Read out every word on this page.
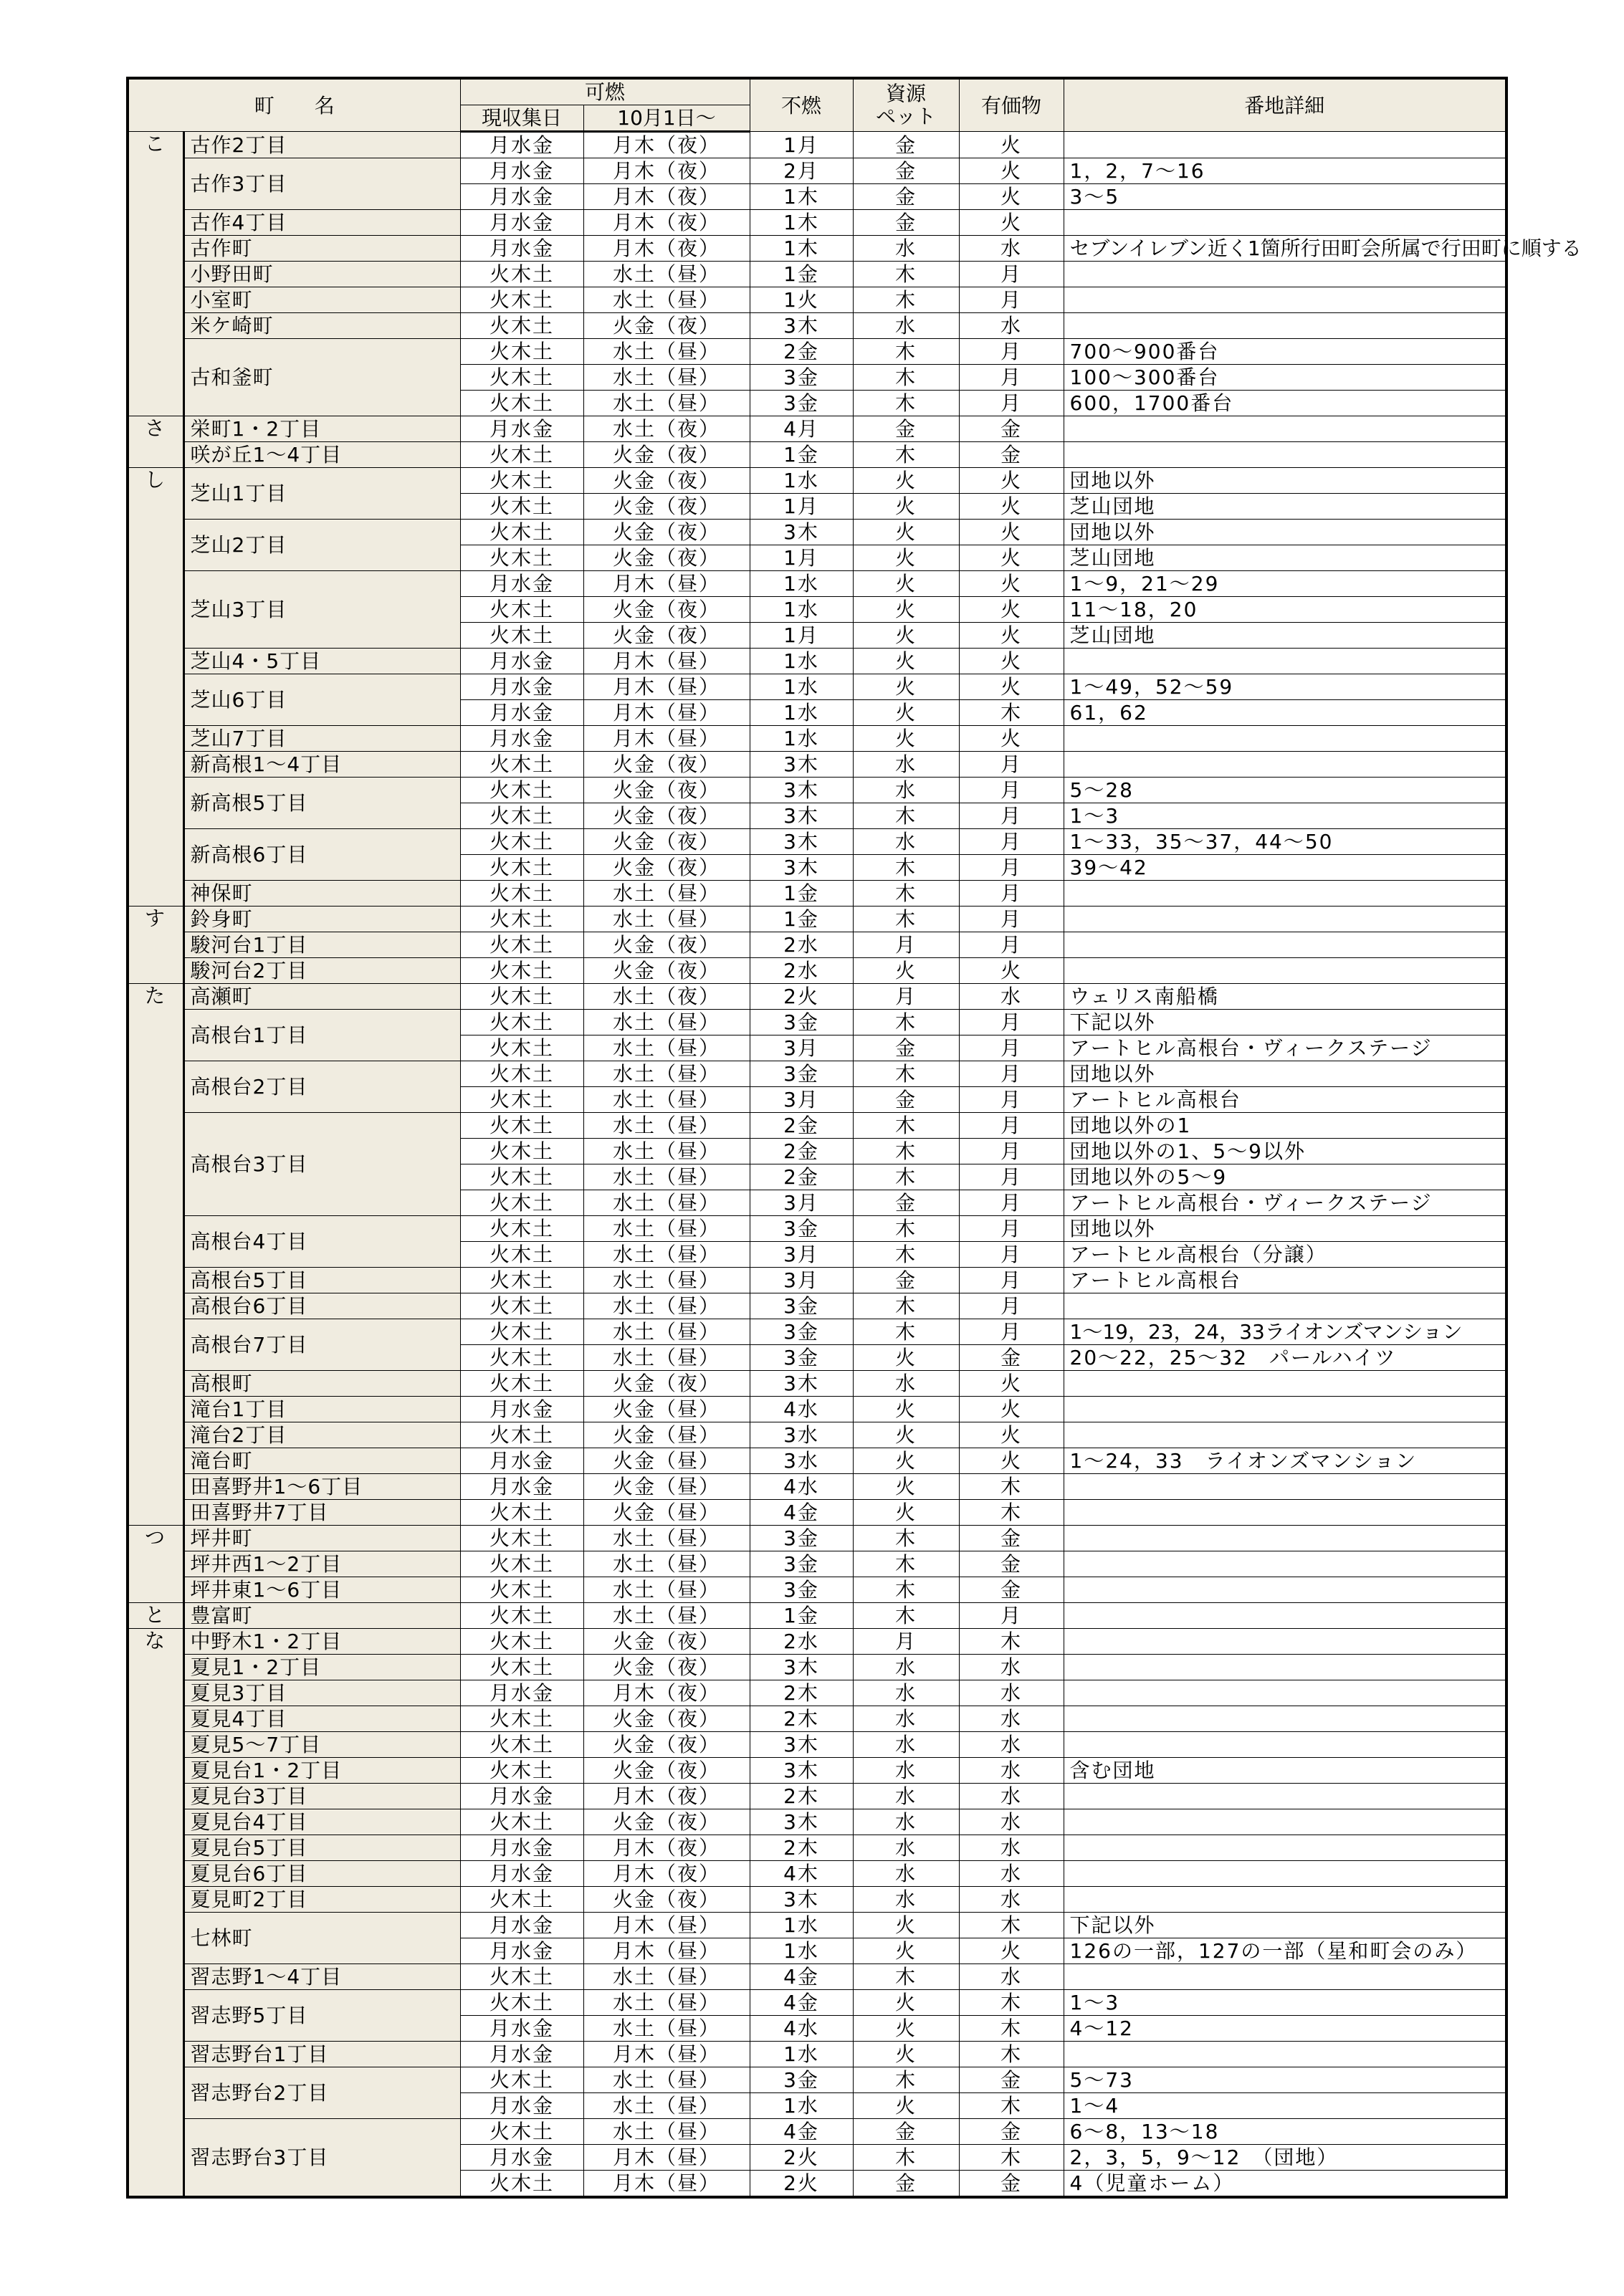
町　　名		可燃		不燃	資源
ペット	有価物	番地詳細
		現収集日	10月1日～				
こ	古作2丁目	月水金	月木（夜）	1月	金	火	
	古作3丁目	月水金	月木（夜）	2月	金	火	1，2，7～16
		月水金	月木（夜）	1木	金	火	3～5
	古作4丁目	月水金	月木（夜）	1木	金	火	
	古作町	月水金	月木（夜）	1木	水	水	セブンイレブン近く1箇所行田町会所属で行田町に順する
	小野田町	火木土	水土（昼）	1金	木	月	
	小室町	火木土	水土（昼）	1火	木	月	
	米ケ崎町	火木土	火金（夜）	3木	水	水	
	古和釜町	火木土	水土（昼）	2金	木	月	700～900番台
		火木土	水土（昼）	3金	木	月	100～300番台
		火木土	水土（昼）	3金	木	月	600，1700番台
さ	栄町1・2丁目	月水金	水土（夜）	4月	金	金	
	咲が丘1～4丁目	火木土	火金（夜）	1金	木	金	
し	芝山1丁目	火木土	火金（夜）	1水	火	火	団地以外
		火木土	火金（夜）	1月	火	火	芝山団地
	芝山2丁目	火木土	火金（夜）	3木	火	火	団地以外
		火木土	火金（夜）	1月	火	火	芝山団地
	芝山3丁目	月水金	月木（昼）	1水	火	火	1～9，21～29
		火木土	火金（夜）	1水	火	火	11～18，20
		火木土	火金（夜）	1月	火	火	芝山団地
	芝山4・5丁目	月水金	月木（昼）	1水	火	火	
	芝山6丁目	月水金	月木（昼）	1水	火	火	1～49，52～59
		月水金	月木（昼）	1水	火	木	61，62
	芝山7丁目	月水金	月木（昼）	1水	火	火	
	新高根1～4丁目	火木土	火金（夜）	3木	水	月	
	新高根5丁目	火木土	火金（夜）	3木	水	月	5～28
		火木土	火金（夜）	3木	木	月	1～3
	新高根6丁目	火木土	火金（夜）	3木	水	月	1～33，35～37，44～50
		火木土	火金（夜）	3木	木	月	39～42
	神保町	火木土	水土（昼）	1金	木	月	
す	鈴身町	火木土	水土（昼）	1金	木	月	
	駿河台1丁目	火木土	火金（夜）	2水	月	月	
	駿河台2丁目	火木土	火金（夜）	2水	火	火	
た	高瀬町	火木土	水土（夜）	2火	月	水	ウェリス南船橋
	高根台1丁目	火木土	水土（昼）	3金	木	月	下記以外
		火木土	水土（昼）	3月	金	月	アートヒル高根台・ヴィークステージ
	高根台2丁目	火木土	水土（昼）	3金	木	月	団地以外
		火木土	水土（昼）	3月	金	月	アートヒル高根台
	高根台3丁目	火木土	水土（昼）	2金	木	月	団地以外の1
		火木土	水土（昼）	2金	木	月	団地以外の1、5～9以外
		火木土	水土（昼）	2金	木	月	団地以外の5～9
		火木土	水土（昼）	3月	金	月	アートヒル高根台・ヴィークステージ
	高根台4丁目	火木土	水土（昼）	3金	木	月	団地以外
		火木土	水土（昼）	3月	木	月	アートヒル高根台（分譲）
	高根台5丁目	火木土	水土（昼）	3月	金	月	アートヒル高根台
	高根台6丁目	火木土	水土（昼）	3金	木	月	
	高根台7丁目	火木土	水土（昼）	3金	木	月	1～19，23，24，33ライオンズマンション
		火木土	水土（昼）	3金	火	金	20～22，25～32　パールハイツ
	高根町	火木土	火金（夜）	3木	水	火	
	滝台1丁目	月水金	火金（昼）	4水	火	火	
	滝台2丁目	火木土	火金（昼）	3水	火	火	
	滝台町	月水金	火金（昼）	3水	火	火	1～24，33　ライオンズマンション
	田喜野井1～6丁目	月水金	火金（昼）	4水	火	木	
	田喜野井7丁目	火木土	火金（昼）	4金	火	木	
つ	坪井町	火木土	水土（昼）	3金	木	金	
	坪井西1～2丁目	火木土	水土（昼）	3金	木	金	
	坪井東1～6丁目	火木土	水土（昼）	3金	木	金	
と	豊富町	火木土	水土（昼）	1金	木	月	
な	中野木1・2丁目	火木土	火金（夜）	2水	月	木	
	夏見1・2丁目	火木土	火金（夜）	3木	水	水	
	夏見3丁目	月水金	月木（夜）	2木	水	水	
	夏見4丁目	火木土	火金（夜）	2木	水	水	
	夏見5～7丁目	火木土	火金（夜）	3木	水	水	
	夏見台1・2丁目	火木土	火金（夜）	3木	水	水	含む団地
	夏見台3丁目	月水金	月木（夜）	2木	水	水	
	夏見台4丁目	火木土	火金（夜）	3木	水	水	
	夏見台5丁目	月水金	月木（夜）	2木	水	水	
	夏見台6丁目	月水金	月木（夜）	4木	水	水	
	夏見町2丁目	火木土	火金（夜）	3木	水	水	
	七林町	月水金	月木（昼）	1水	火	木	下記以外
		月水金	月木（昼）	1水	火	火	126の一部，127の一部（星和町会のみ）
	習志野1～4丁目	火木土	水土（昼）	4金	木	水	
	習志野5丁目	火木土	水土（昼）	4金	火	木	1～3
		月水金	水土（昼）	4水	火	木	4～12
	習志野台1丁目	月水金	月木（昼）	1水	火	木	
	習志野台2丁目	火木土	水土（昼）	3金	木	金	5～73
		月水金	水土（昼）	1水	火	木	1～4
	習志野台3丁目	火木土	水土（昼）	4金	金	金	6～8，13～18
		月水金	月木（昼）	2火	木	木	2，3，5，9～12　（団地）
		火木土	月木（昼）	2火	金	金	4（児童ホーム）
